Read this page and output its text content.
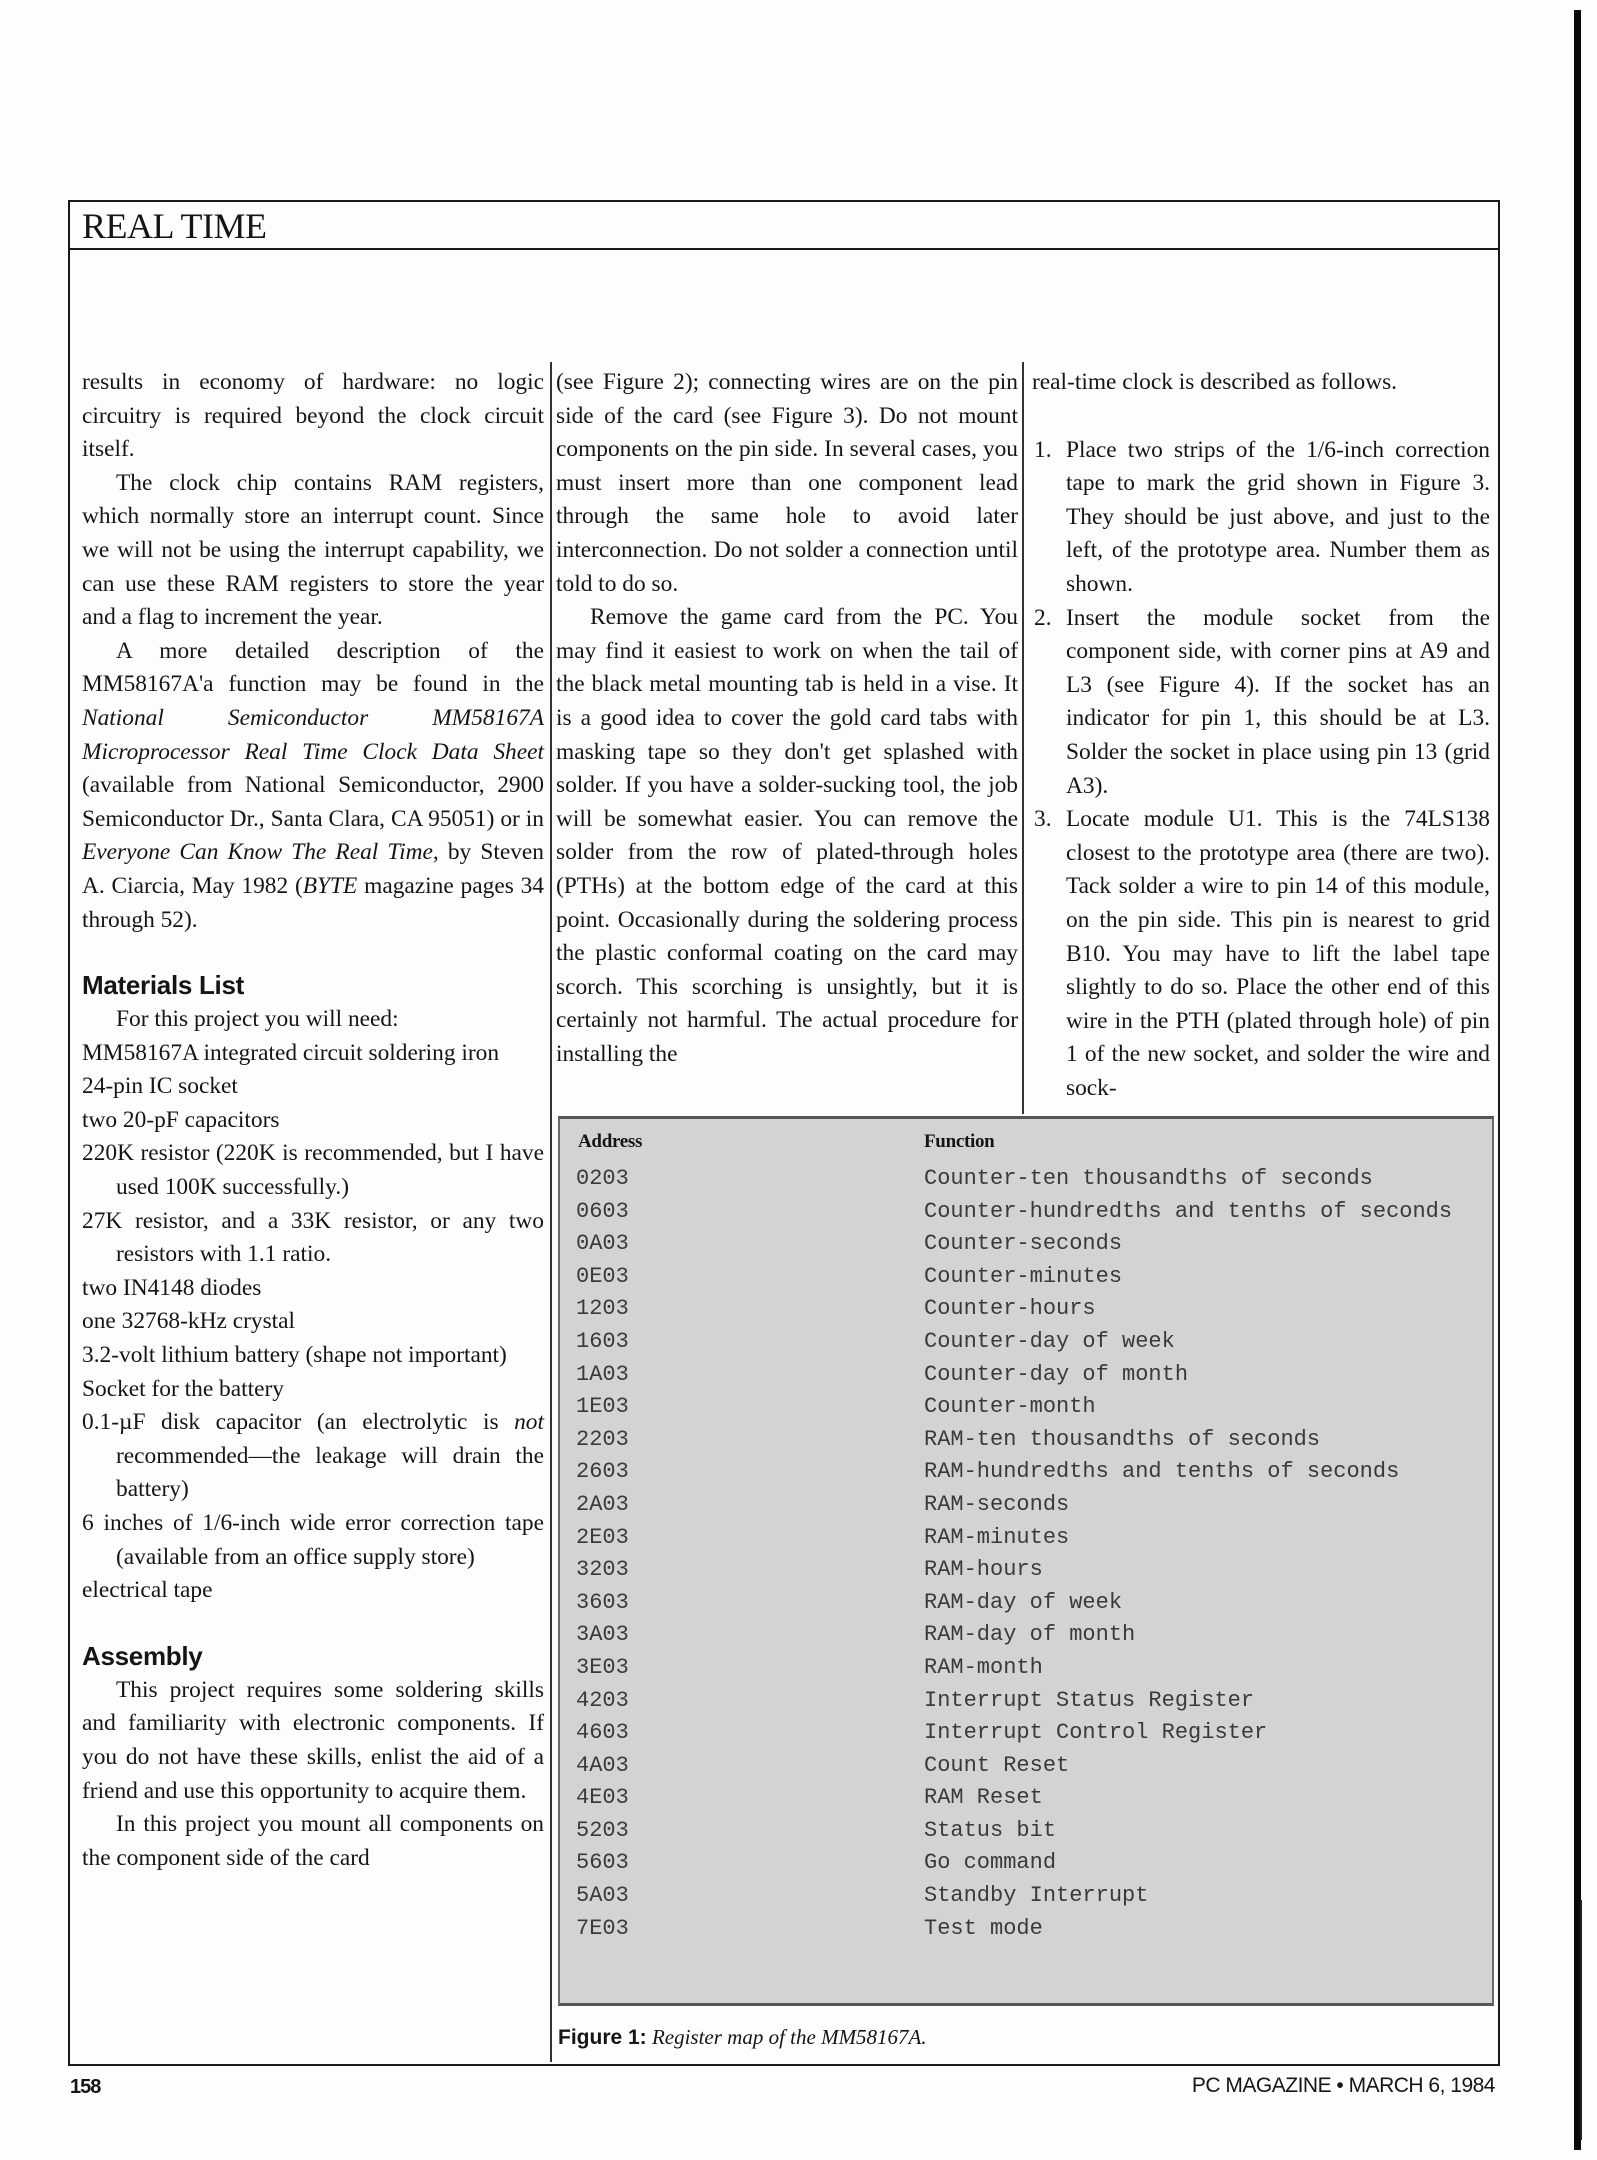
REAL TIME

results in economy of hardware: no logic circuitry is required beyond the clock circuit itself.

The clock chip contains RAM registers, which normally store an interrupt count. Since we will not be using the interrupt capability, we can use these RAM registers to store the year and a flag to increment the year.

A more detailed description of the MM58167A'a function may be found in the National Semiconductor MM58167A Microprocessor Real Time Clock Data Sheet (available from National Semiconductor, 2900 Semiconductor Dr., Santa Clara, CA 95051) or in Everyone Can Know The Real Time, by Steven A. Ciarcia, May 1982 (BYTE magazine pages 34 through 52).

Materials List

For this project you will need:

MM58167A integrated circuit soldering iron

24-pin IC socket

two 20-pF capacitors

220K resistor (220K is recommended, but I have used 100K successfully.)

27K resistor, and a 33K resistor, or any two resistors with 1.1 ratio.

two IN4148 diodes

one 32768-kHz crystal

3.2-volt lithium battery (shape not important)

Socket for the battery

0.1-µF disk capacitor (an electrolytic is not recommended—the leakage will drain the battery)

6 inches of 1/6-inch wide error correction tape (available from an office supply store)

electrical tape

Assembly

This project requires some soldering skills and familiarity with electronic components. If you do not have these skills, enlist the aid of a friend and use this opportunity to acquire them.

In this project you mount all components on the component side of the card

(see Figure 2); connecting wires are on the pin side of the card (see Figure 3). Do not mount components on the pin side. In several cases, you must insert more than one component lead through the same hole to avoid later interconnection. Do not solder a connection until told to do so.

Remove the game card from the PC. You may find it easiest to work on when the tail of the black metal mounting tab is held in a vise. It is a good idea to cover the gold card tabs with masking tape so they don't get splashed with solder. If you have a solder-sucking tool, the job will be somewhat easier. You can remove the solder from the row of plated-through holes (PTHs) at the bottom edge of the card at this point. Occasionally during the soldering process the plastic conformal coating on the card may scorch. This scorching is unsightly, but it is certainly not harmful. The actual procedure for installing the

real-time clock is described as follows.

1. Place two strips of the 1/6-inch correction tape to mark the grid shown in Figure 3. They should be just above, and just to the left, of the prototype area. Number them as shown.
2. Insert the module socket from the component side, with corner pins at A9 and L3 (see Figure 4). If the socket has an indicator for pin 1, this should be at L3. Solder the socket in place using pin 13 (grid A3).
3. Locate module U1. This is the 74LS138 closest to the prototype area (there are two). Tack solder a wire to pin 14 of this module, on the pin side. This pin is nearest to grid B10. You may have to lift the label tape slightly to do so. Place the other end of this wire in the PTH (plated through hole) of pin 1 of the new socket, and solder the wire and sock-
Address	Function
0203	Counter-ten thousandths of seconds
0603	Counter-hundredths and tenths of seconds
0A03	Counter-seconds
0E03	Counter-minutes
1203	Counter-hours
1603	Counter-day of week
1A03	Counter-day of month
1E03	Counter-month
2203	RAM-ten thousandths of seconds
2603	RAM-hundredths and tenths of seconds
2A03	RAM-seconds
2E03	RAM-minutes
3203	RAM-hours
3603	RAM-day of week
3A03	RAM-day of month
3E03	RAM-month
4203	Interrupt Status Register
4603	Interrupt Control Register
4A03	Count Reset
4E03	RAM Reset
5203	Status bit
5603	Go command
5A03	Standby Interrupt
7E03	Test mode
Figure 1: Register map of the MM58167A.
158	PC MAGAZINE • MARCH 6, 1984
